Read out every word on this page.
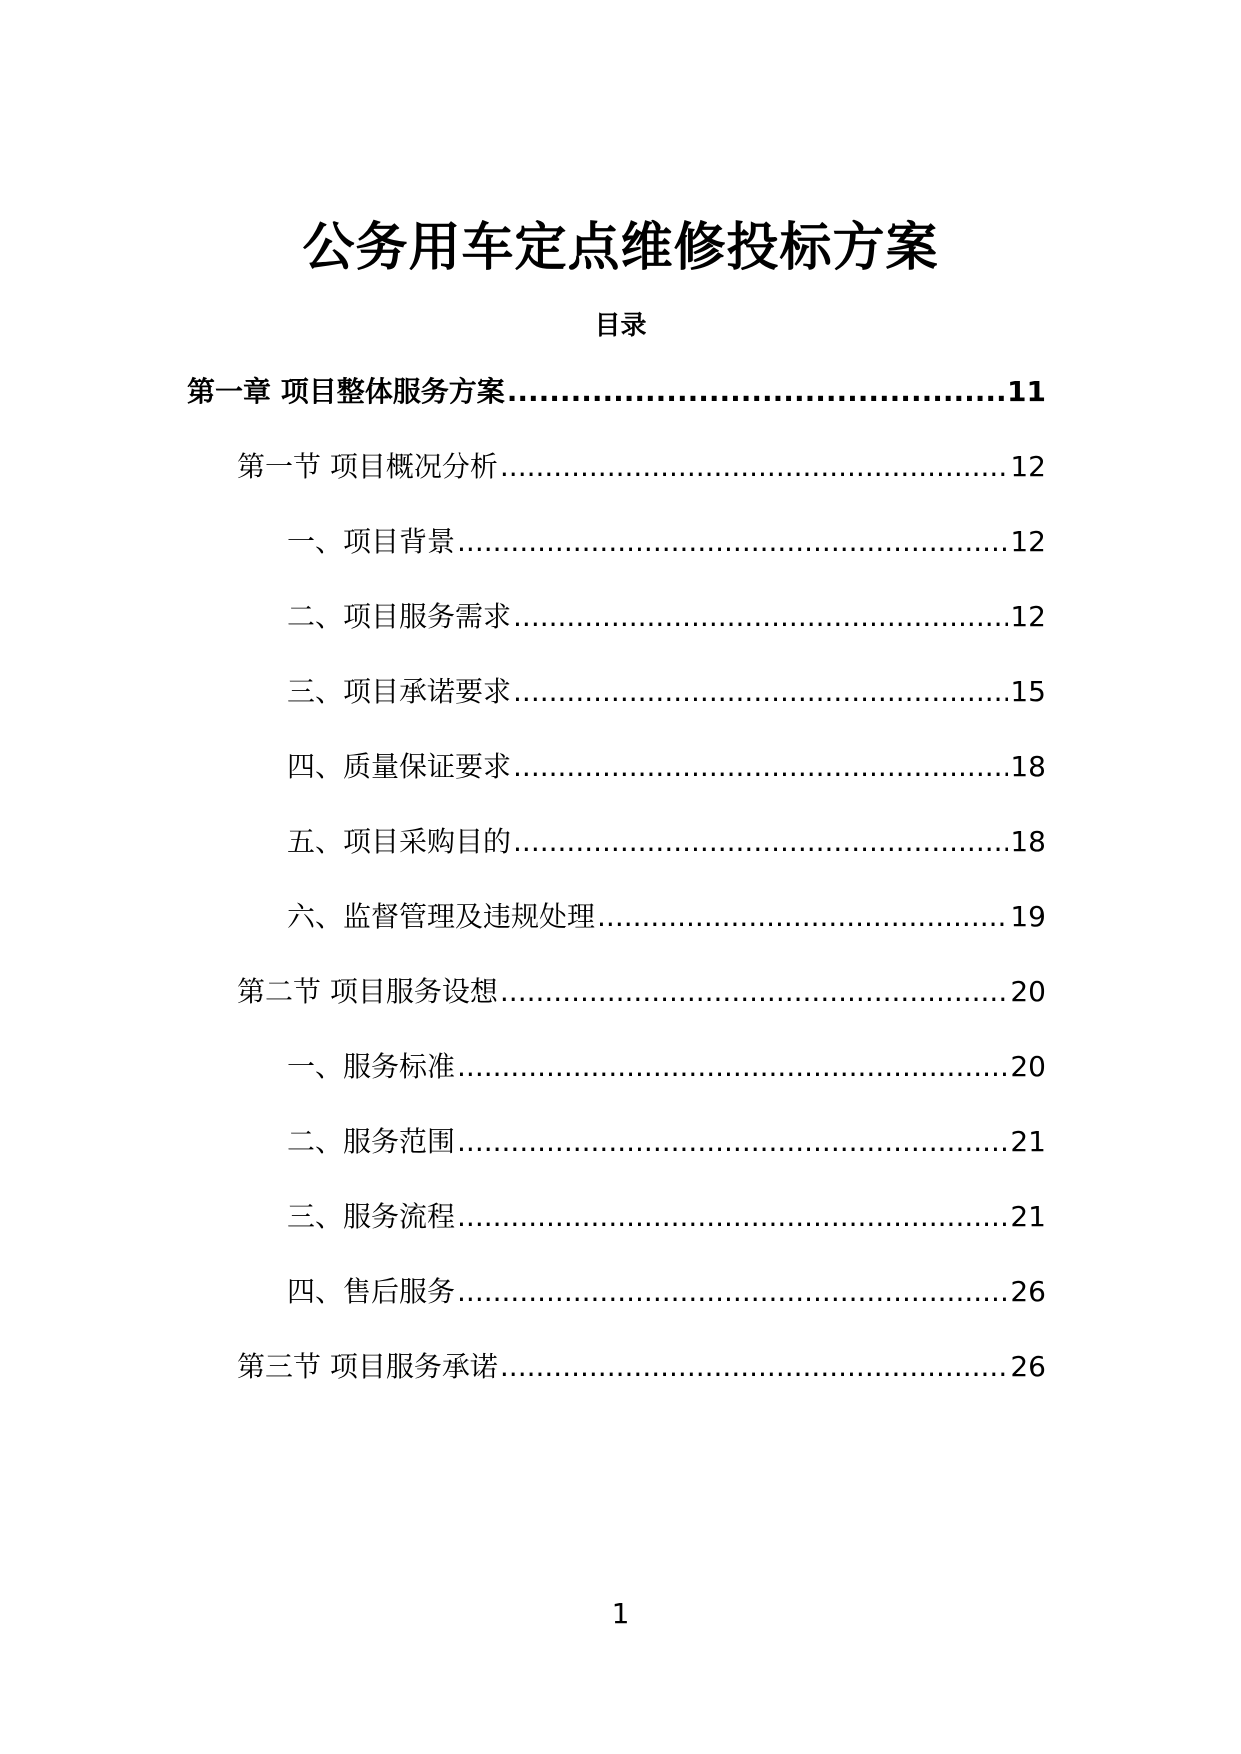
公务用车定点维修投标方案
目录
第一章 项目整体服务方案 .....	11
第一节 项目概况分析 .....	12
一、项目背景 .....	12
二、项目服务需求 .....	12
三、项目承诺要求 .....	15
四、质量保证要求 .....	18
五、项目采购目的 .....	18
六、监督管理及违规处理 .....	19
第二节 项目服务设想 .....	20
一、服务标准 .....	20
二、服务范围 .....	21
三、服务流程 .....	21
四、售后服务 .....	26
第三节 项目服务承诺 .....	26
1
